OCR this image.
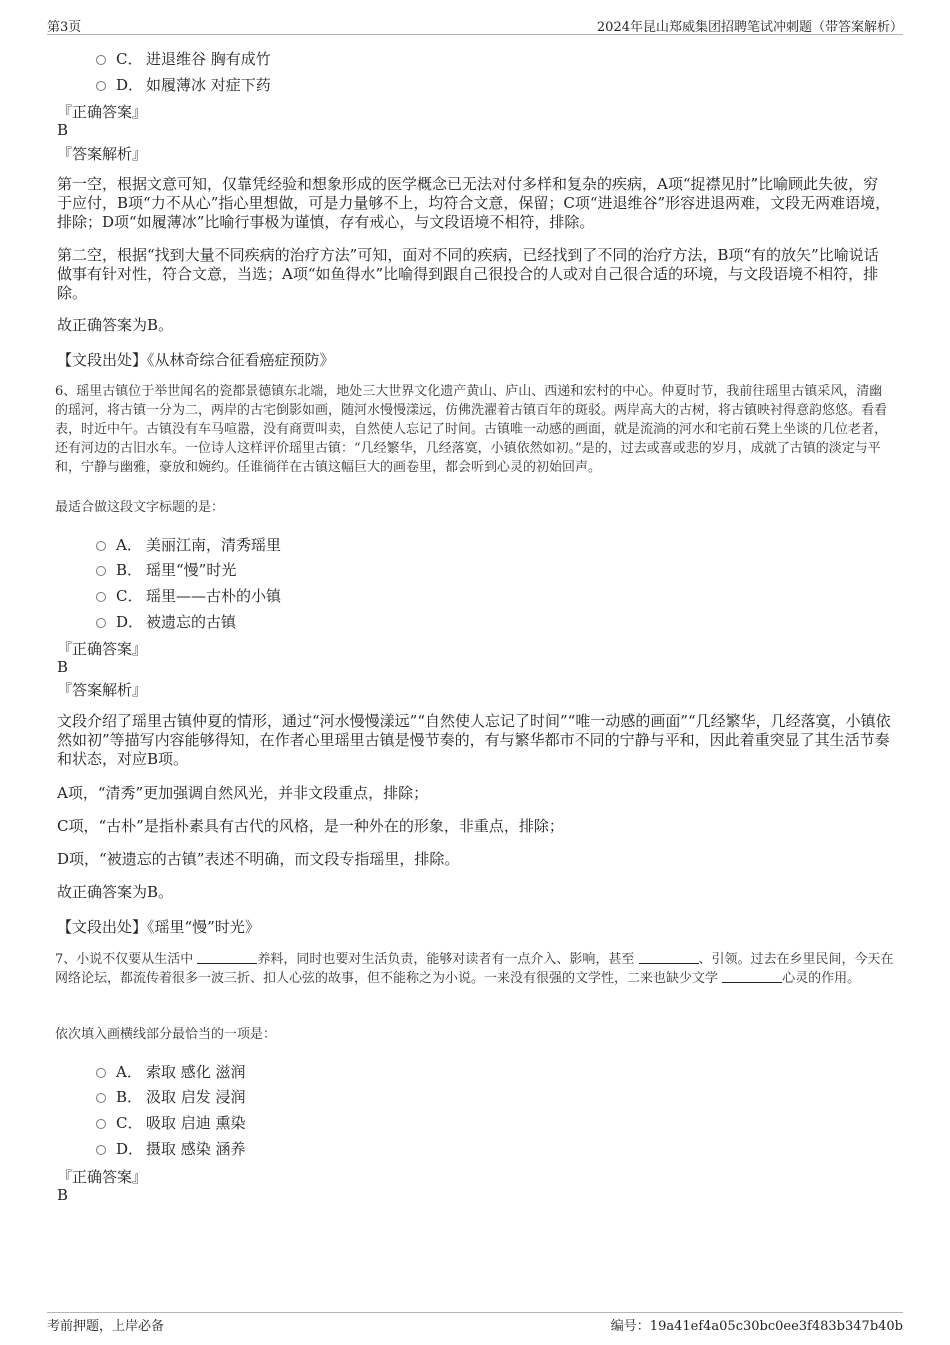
第3页	2024年昆山郑威集团招聘笔试冲刺题（带答案解析）
C． 进退维谷 胸有成竹
D． 如履薄冰 对症下药
『正确答案』
B
『答案解析』
第一空，根据文意可知，仅靠凭经验和想象形成的医学概念已无法对付多样和复杂的疾病，A项“捉襟见肘”比喻顾此失彼，穷于应付，B项“力不从心”指心里想做，可是力量够不上，均符合文意，保留；C项“进退维谷”形容进退两难，文段无两难语境，排除；D项“如履薄冰”比喻行事极为谨慎，存有戒心，与文段语境不相符，排除。
第二空，根据“找到大量不同疾病的治疗方法”可知，面对不同的疾病，已经找到了不同的治疗方法，B项“有的放矢”比喻说话做事有针对性，符合文意，当选；A项“如鱼得水”比喻得到跟自己很投合的人或对自己很合适的环境，与文段语境不相符，排除。
故正确答案为B。
【文段出处】《从林奇综合征看癌症预防》
6、瑶里古镇位于举世闻名的瓷都景德镇东北端，地处三大世界文化遗产黄山、庐山、西递和宏村的中心。仲夏时节，我前往瑶里古镇采风，清幽的瑶河，将古镇一分为二，两岸的古宅倒影如画，随河水慢慢漾远，仿佛洗濯着古镇百年的斑驳。两岸高大的古树，将古镇映衬得意韵悠悠。看看表，时近中午。古镇没有车马喧嚣，没有商贾叫卖，自然使人忘记了时间。古镇唯一动感的画面，就是流淌的河水和宅前石凳上坐谈的几位老者，还有河边的古旧水车。一位诗人这样评价瑶里古镇：“几经繁华，几经落寞，小镇依然如初。”是的，过去或喜或悲的岁月，成就了古镇的淡定与平和，宁静与幽雅，豪放和婉约。任谁徜徉在古镇这幅巨大的画卷里，都会听到心灵的初始回声。
最适合做这段文字标题的是：
A． 美丽江南，清秀瑶里
B． 瑶里“慢”时光
C． 瑶里——古朴的小镇
D． 被遗忘的古镇
『正确答案』
B
『答案解析』
文段介绍了瑶里古镇仲夏的情形，通过“河水慢慢漾远”“自然使人忘记了时间”“唯一动感的画面”“几经繁华，几经落寞，小镇依然如初”等描写内容能够得知，在作者心里瑶里古镇是慢节奏的，有与繁华都市不同的宁静与平和，因此着重突显了其生活节奏和状态，对应B项。
A项，“清秀”更加强调自然风光，并非文段重点，排除；
C项，“古朴”是指朴素具有古代的风格，是一种外在的形象，非重点，排除；
D项，“被遗忘的古镇”表述不明确，而文段专指瑶里，排除。
故正确答案为B。
【文段出处】《瑶里“慢”时光》
7、小说不仅要从生活中	养料，同时也要对生活负责，能够对读者有一点介入、影响，甚至	、引领。过去在乡里民间，今天在网络论坛，都流传着很多一波三折、扣人心弦的故事，但不能称之为小说。一来没有很强的文学性，二来也缺少文学	心灵的作用。
依次填入画横线部分最恰当的一项是：
A． 索取 感化 滋润
B． 汲取 启发 浸润
C． 吸取 启迪 熏染
D． 摄取 感染 涵养
『正确答案』
B
考前押题，上岸必备	编号：19a41ef4a05c30bc0ee3f483b347b40b
